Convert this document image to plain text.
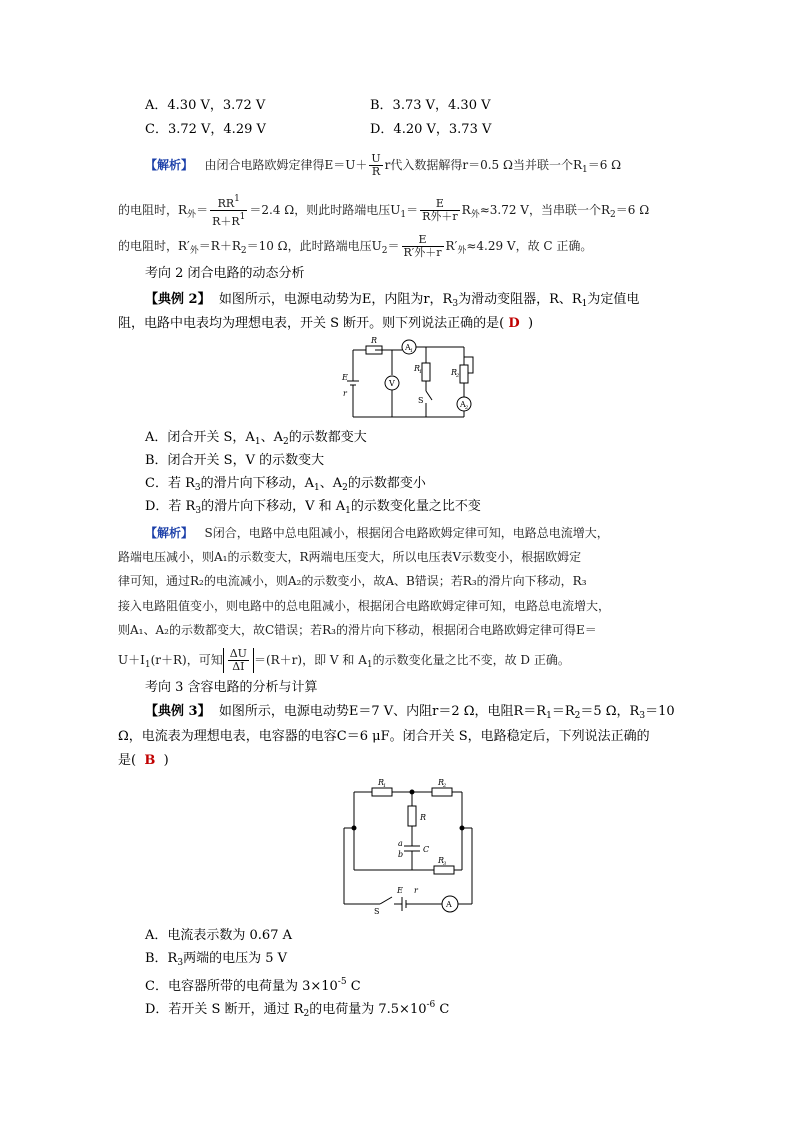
A．4.30 V，3.72 V	B．3.73 V，4.30 V
C．3.72 V，4.29 V	D．4.20 V，3.73 V
【解析】 由闭合电路欧姆定律得$E=U+ \frac{U}{R}$ r代入数据解得r＝0.5 Ω当并联一个$R_1=6$ Ω
的电阻时，$R_外= \frac{RR^1}{R+R^1} =2.4$ Ω，则此时路端电压$U_1= \frac{E}{\text{R外＋r}} R_外\approx 3.72$ V，当串联一个$R_2=6$ Ω
的电阻时，$R'_外=R+R_2=10$ Ω，此时路端电压$U_2= \frac{E}{\text{R′外＋r}} R'_外\approx 4.29$ V，故 C 正确。
考向 2 闭合电路的动态分析
【典例 2】 如图所示，电源电动势为E，内阻为r，$R_3$为滑动变阻器，R、$R_1$为定值电
阻，电路中电表均为理想电表，开关 S 断开。则下列说法正确的是( D )
R
A 1
V
R
1	R
2
A 2
E
r
S
A．闭合开关 S，$A_1$、$A_2$的示数都变大
B．闭合开关 S，V 的示数变大
C．若 $R_3$的滑片向下移动，$A_1$、$A_2$的示数都变小
D．若 $R_3$的滑片向下移动，V 和 $A_1$的示数变化量之比不变
【解析】 S闭合，电路中总电阻减小，根据闭合电路欧姆定律可知，电路总电流增大，
路端电压减小，则A₁的示数变大，R两端电压变大，所以电压表V示数变小，根据欧姆定
律可知，通过R₂的电流减小，则A₂的示数变小，故A、B错误；若R₃的滑片向下移动，R₃
接入电路阻值变小，则电路中的总电阻减小，根据闭合电路欧姆定律可知，电路总电流增大，
则A₁、A₂的示数都变大，故C错误；若R₃的滑片向下移动，根据闭合电路欧姆定律可得E＝
$U+I_1(r+R)$，可知 $\frac{\Delta U}{\Delta I} =(R+r)$，即 V 和 $A_1$的示数变化量之比不变，故 D 正确。
考向 3 含容电路的分析与计算
【典例 3】 如图所示，电源电动势E＝7 V、内阻r＝2 Ω，电阻$R=R_1=R_2=5$ Ω，$R_3=10$
Ω，电流表为理想电表，电容器的电容C＝6 μF。闭合开关 S，电路稳定后，下列说法正确的
是( B )
R
1	R
2
R
a
b
C
R
3
E r
S
A
A．电流表示数为 0.67 A
B．$R_3$两端的电压为 5 V
C．电容器所带的电荷量为 $3\times 10^{-5}$ C
D．若开关 S 断开，通过 $R_2$的电荷量为 $7.5\times 10^{-6}$ C
